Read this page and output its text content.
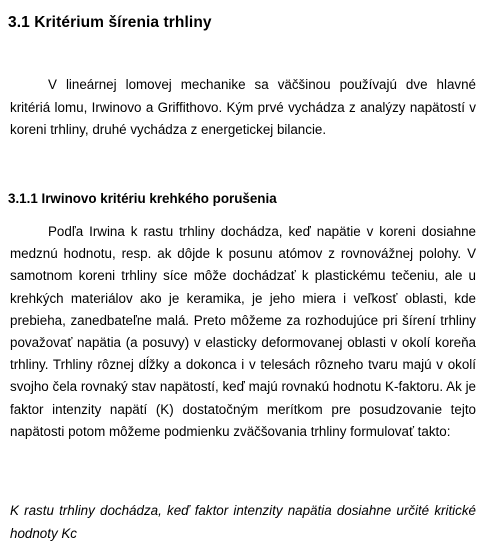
3.1 Kritérium šírenia trhliny

V lineárnej lomovej mechanike sa väčšinou používajú dve hlavné kritériá lomu, Irwinovo a Griffithovo. Kým prvé vychádza z analýzy napätostí v koreni trhliny, druhé vychádza z energetickej bilancie.

3.1.1 Irwinovo kritériu krehkého porušenia

Podľa Irwina k rastu trhliny dochádza, keď napätie v koreni dosiahne medznú hodnotu, resp. ak dôjde k posunu atómov z rovnovážnej polohy. V samotnom koreni trhliny síce môže dochádzať k plastickému tečeniu, ale u krehkých materiálov ako je keramika, je jeho miera i veľkosť oblasti, kde prebieha, zanedbateľne malá. Preto môžeme za rozhodujúce pri šírení trhliny považovať napätia (a posuvy) v elasticky deformovanej oblasti v okolí koreňa trhliny. Trhliny rôznej dĺžky a dokonca i v telesách rôzneho tvaru majú v okolí svojho čela rovnaký stav napätostí, keď majú rovnakú hodnotu K-faktoru. Ak je faktor intenzity napätí (K) dostatočným merítkom pre posudzovanie tejto napätosti potom môžeme podmienku zväčšovania trhliny formulovať takto:

K rastu trhliny dochádza, keď faktor intenzity napätia dosiahne určité kritické hodnoty Kc
